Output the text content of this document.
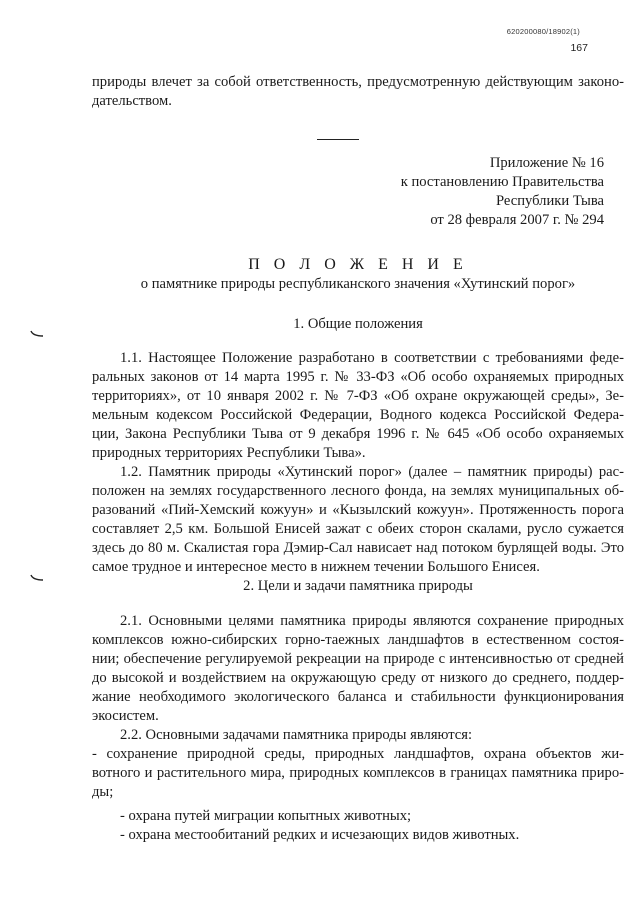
620200080/18902(1)
167
природы влечет за собой ответственность, предусмотренную действующим законо-
дательством.
Приложение № 16
к постановлению Правительства
Республики Тыва
от 28 февраля 2007 г. № 294
П О Л О Ж Е Н И Е
о памятнике природы республиканского значения «Хутинский порог»
1. Общие положения
1.1. Настоящее Положение разработано в соответствии с требованиями феде-
ральных законов от 14 марта 1995 г. № 33-ФЗ «Об особо охраняемых природных
территориях», от 10 января 2002 г. № 7-ФЗ «Об охране окружающей среды», Зе-
мельным кодексом Российской Федерации, Водного кодекса Российской Федера-
ции, Закона Республики Тыва от 9 декабря 1996 г. № 645 «Об особо охраняемых
природных территориях Республики Тыва».
1.2. Памятник природы «Хутинский порог» (далее – памятник природы) рас-
положен на землях государственного лесного фонда, на землях муниципальных об-
разований «Пий-Хемский кожуун» и «Кызылский кожуун». Протяженность порога
составляет 2,5 км. Большой Енисей зажат с обеих сторон скалами, русло сужается
здесь до 80 м. Скалистая гора Дэмир-Сал нависает над потоком бурлящей воды. Это
самое трудное и интересное место в нижнем течении Большого Енисея.
2. Цели и задачи памятника природы
2.1. Основными целями памятника природы являются сохранение природных
комплексов южно-сибирских горно-таежных ландшафтов в естественном состоя-
нии; обеспечение регулируемой рекреации на природе с интенсивностью от средней
до высокой и воздействием на окружающую среду от низкого до среднего, поддер-
жание необходимого экологического баланса и стабильности функционирования
экосистем.
2.2. Основными задачами памятника природы являются:
- сохранение природной среды, природных ландшафтов, охрана объектов жи-
вотного и растительного мира, природных комплексов в границах памятника приро-
ды;
- охрана путей миграции копытных животных;
- охрана местообитаний редких и исчезающих видов животных.
